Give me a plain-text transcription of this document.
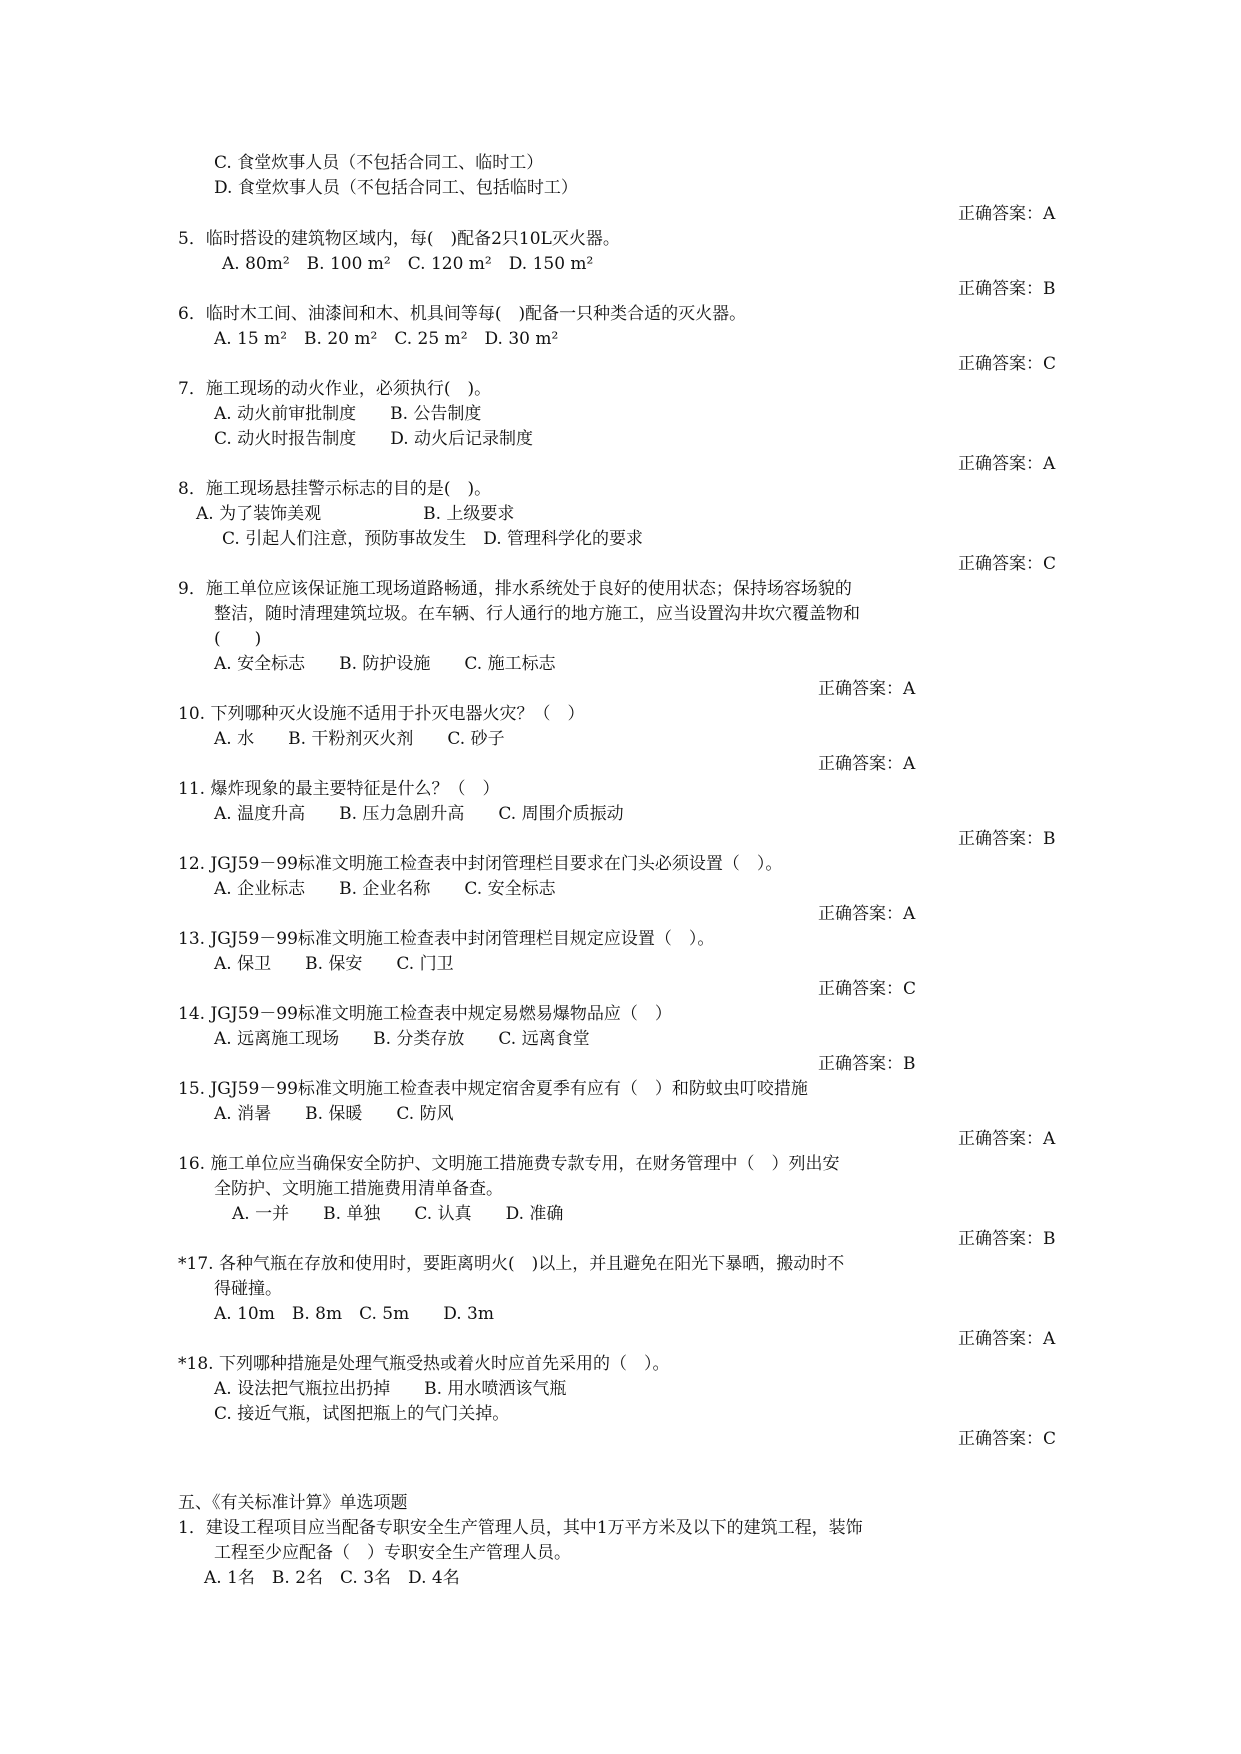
C. 食堂炊事人员（不包括合同工、临时工）
D. 食堂炊事人员（不包括合同工、包括临时工）
正确答案：A
5．临时搭设的建筑物区域内，每(　)配备2只10L灭火器。
A. 80m²　B. 100 m²　C. 120 m²　D. 150 m²
正确答案：B
6．临时木工间、油漆间和木、机具间等每(　)配备一只种类合适的灭火器。
A. 15 m²　B. 20 m²　C. 25 m²　D. 30 m²
正确答案：C
7．施工现场的动火作业，必须执行(　)。
A. 动火前审批制度　　B. 公告制度
C. 动火时报告制度　　D. 动火后记录制度
正确答案：A
8．施工现场悬挂警示标志的目的是(　)。
A. 为了装饰美观　　　　　　B. 上级要求
C. 引起人们注意，预防事故发生　D. 管理科学化的要求
正确答案：C
9．施工单位应该保证施工现场道路畅通，排水系统处于良好的使用状态；保持场容场貌的
整洁，随时清理建筑垃圾。在车辆、行人通行的地方施工，应当设置沟井坎穴覆盖物和
(　　)
A. 安全标志　　B. 防护设施　　C. 施工标志
正确答案：A
10. 下列哪种灭火设施不适用于扑灭电器火灾？（　）
A. 水　　B. 干粉剂灭火剂　　C. 砂子
正确答案：A
11. 爆炸现象的最主要特征是什么？（　）
A. 温度升高　　B. 压力急剧升高　　C. 周围介质振动
正确答案：B
12. JGJ59－99标准文明施工检查表中封闭管理栏目要求在门头必须设置（　）。
A. 企业标志　　B. 企业名称　　C. 安全标志
正确答案：A
13. JGJ59－99标准文明施工检查表中封闭管理栏目规定应设置（　）。
A. 保卫　　B. 保安　　C. 门卫
正确答案：C
14. JGJ59－99标准文明施工检查表中规定易燃易爆物品应（　）
A. 远离施工现场　　B. 分类存放　　C. 远离食堂
正确答案：B
15. JGJ59－99标准文明施工检查表中规定宿舍夏季有应有（　）和防蚊虫叮咬措施
A. 消暑　　B. 保暖　　C. 防风
正确答案：A
16. 施工单位应当确保安全防护、文明施工措施费专款专用，在财务管理中（　）列出安
全防护、文明施工措施费用清单备查。
A. 一并　　B. 单独　　C. 认真　　D. 准确
正确答案：B
*17. 各种气瓶在存放和使用时，要距离明火(　)以上，并且避免在阳光下暴晒，搬动时不
得碰撞。
A. 10m　B. 8m　C. 5m　　D. 3m
正确答案：A
*18. 下列哪种措施是处理气瓶受热或着火时应首先采用的（　）。
A. 设法把气瓶拉出扔掉　　B. 用水喷洒该气瓶
C. 接近气瓶，试图把瓶上的气门关掉。
正确答案：C
五、《有关标准计算》单选项题
1．建设工程项目应当配备专职安全生产管理人员，其中1万平方米及以下的建筑工程，装饰
工程至少应配备（　）专职安全生产管理人员。
A. 1名　B. 2名　C. 3名　D. 4名
